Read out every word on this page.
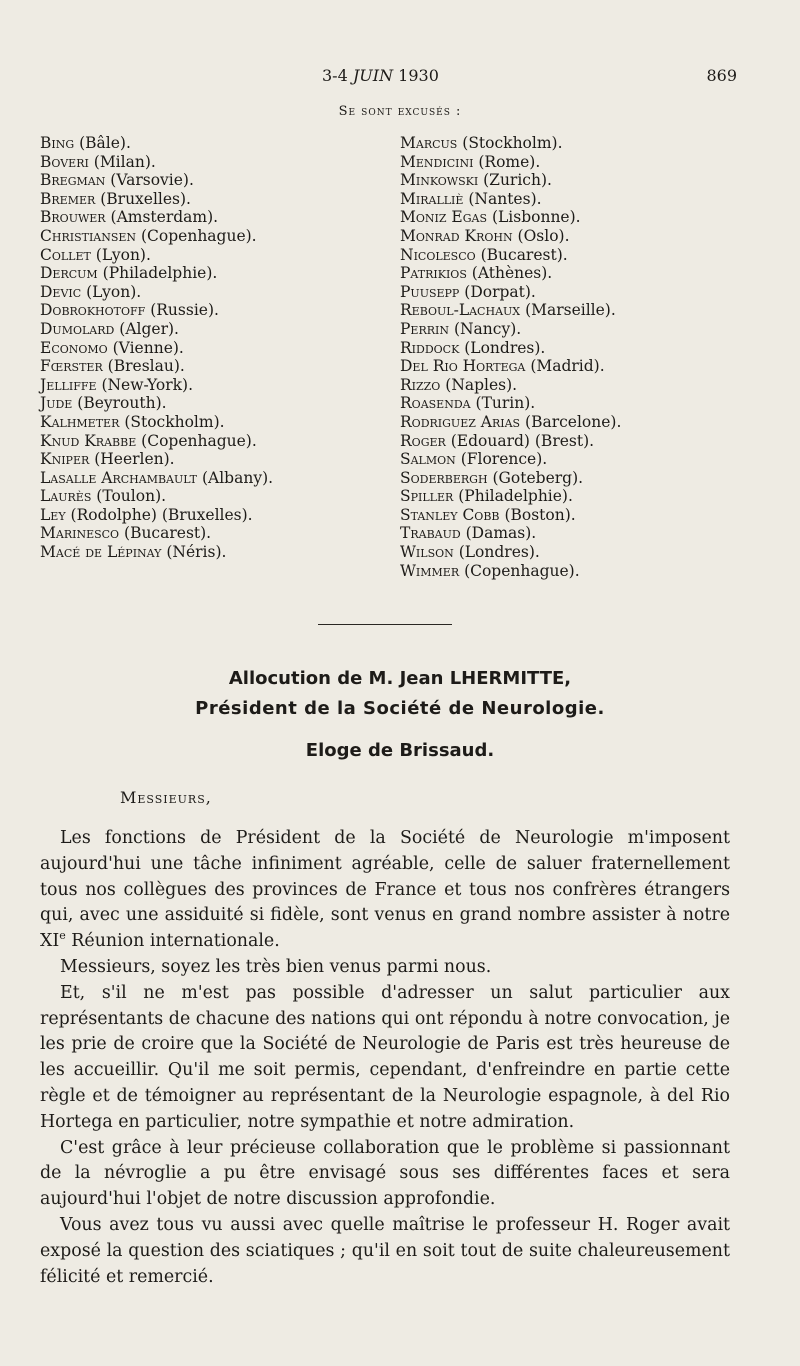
3-4 JUIN 1930	869
Se sont excusés :
Bing (Bâle).
Boveri (Milan).
Bregman (Varsovie).
Bremer (Bruxelles).
Brouwer (Amsterdam).
Christiansen (Copenhague).
Collet (Lyon).
Dercum (Philadelphie).
Devic (Lyon).
Dobrokhotoff (Russie).
Dumolard (Alger).
Economo (Vienne).
Fœrster (Breslau).
Jelliffe (New-York).
Jude (Beyrouth).
Kalhmeter (Stockholm).
Knud Krabbe (Copenhague).
Kniper (Heerlen).
Lasalle Archambault (Albany).
Laurès (Toulon).
Ley (Rodolphe) (Bruxelles).
Marinesco (Bucarest).
Macé de Lépinay (Néris).
Marcus (Stockholm).
Mendicini (Rome).
Minkowski (Zurich).
Miralliè (Nantes).
Moniz Egas (Lisbonne).
Monrad Krohn (Oslo).
Nicolesco (Bucarest).
Patrikios (Athènes).
Puusepp (Dorpat).
Reboul-Lachaux (Marseille).
Perrin (Nancy).
Riddock (Londres).
Del Rio Hortega (Madrid).
Rizzo (Naples).
Roasenda (Turin).
Rodriguez Arias (Barcelone).
Roger (Edouard) (Brest).
Salmon (Florence).
Soderbergh (Goteberg).
Spiller (Philadelphie).
Stanley Cobb (Boston).
Trabaud (Damas).
Wilson (Londres).
Wimmer (Copenhague).
Allocution de M. Jean LHERMITTE,
Président de la Société de Neurologie.
Eloge de Brissaud.
Messieurs,

Les fonctions de Président de la Société de Neurologie m'imposent aujourd'hui une tâche infiniment agréable, celle de saluer fraternellement tous nos collègues des provinces de France et tous nos confrères étrangers qui, avec une assiduité si fidèle, sont venus en grand nombre assister à notre XIe Réunion internationale.

Messieurs, soyez les très bien venus parmi nous.

Et, s'il ne m'est pas possible d'adresser un salut particulier aux représentants de chacune des nations qui ont répondu à notre convocation, je les prie de croire que la Société de Neurologie de Paris est très heureuse de les accueillir. Qu'il me soit permis, cependant, d'enfreindre en partie cette règle et de témoigner au représentant de la Neurologie espagnole, à del Rio Hortega en particulier, notre sympathie et notre admiration.

C'est grâce à leur précieuse collaboration que le problème si passionnant de la névroglie a pu être envisagé sous ses différentes faces et sera aujourd'hui l'objet de notre discussion approfondie.

Vous avez tous vu aussi avec quelle maîtrise le professeur H. Roger avait exposé la question des sciatiques ; qu'il en soit tout de suite chaleureusement félicité et remercié.
